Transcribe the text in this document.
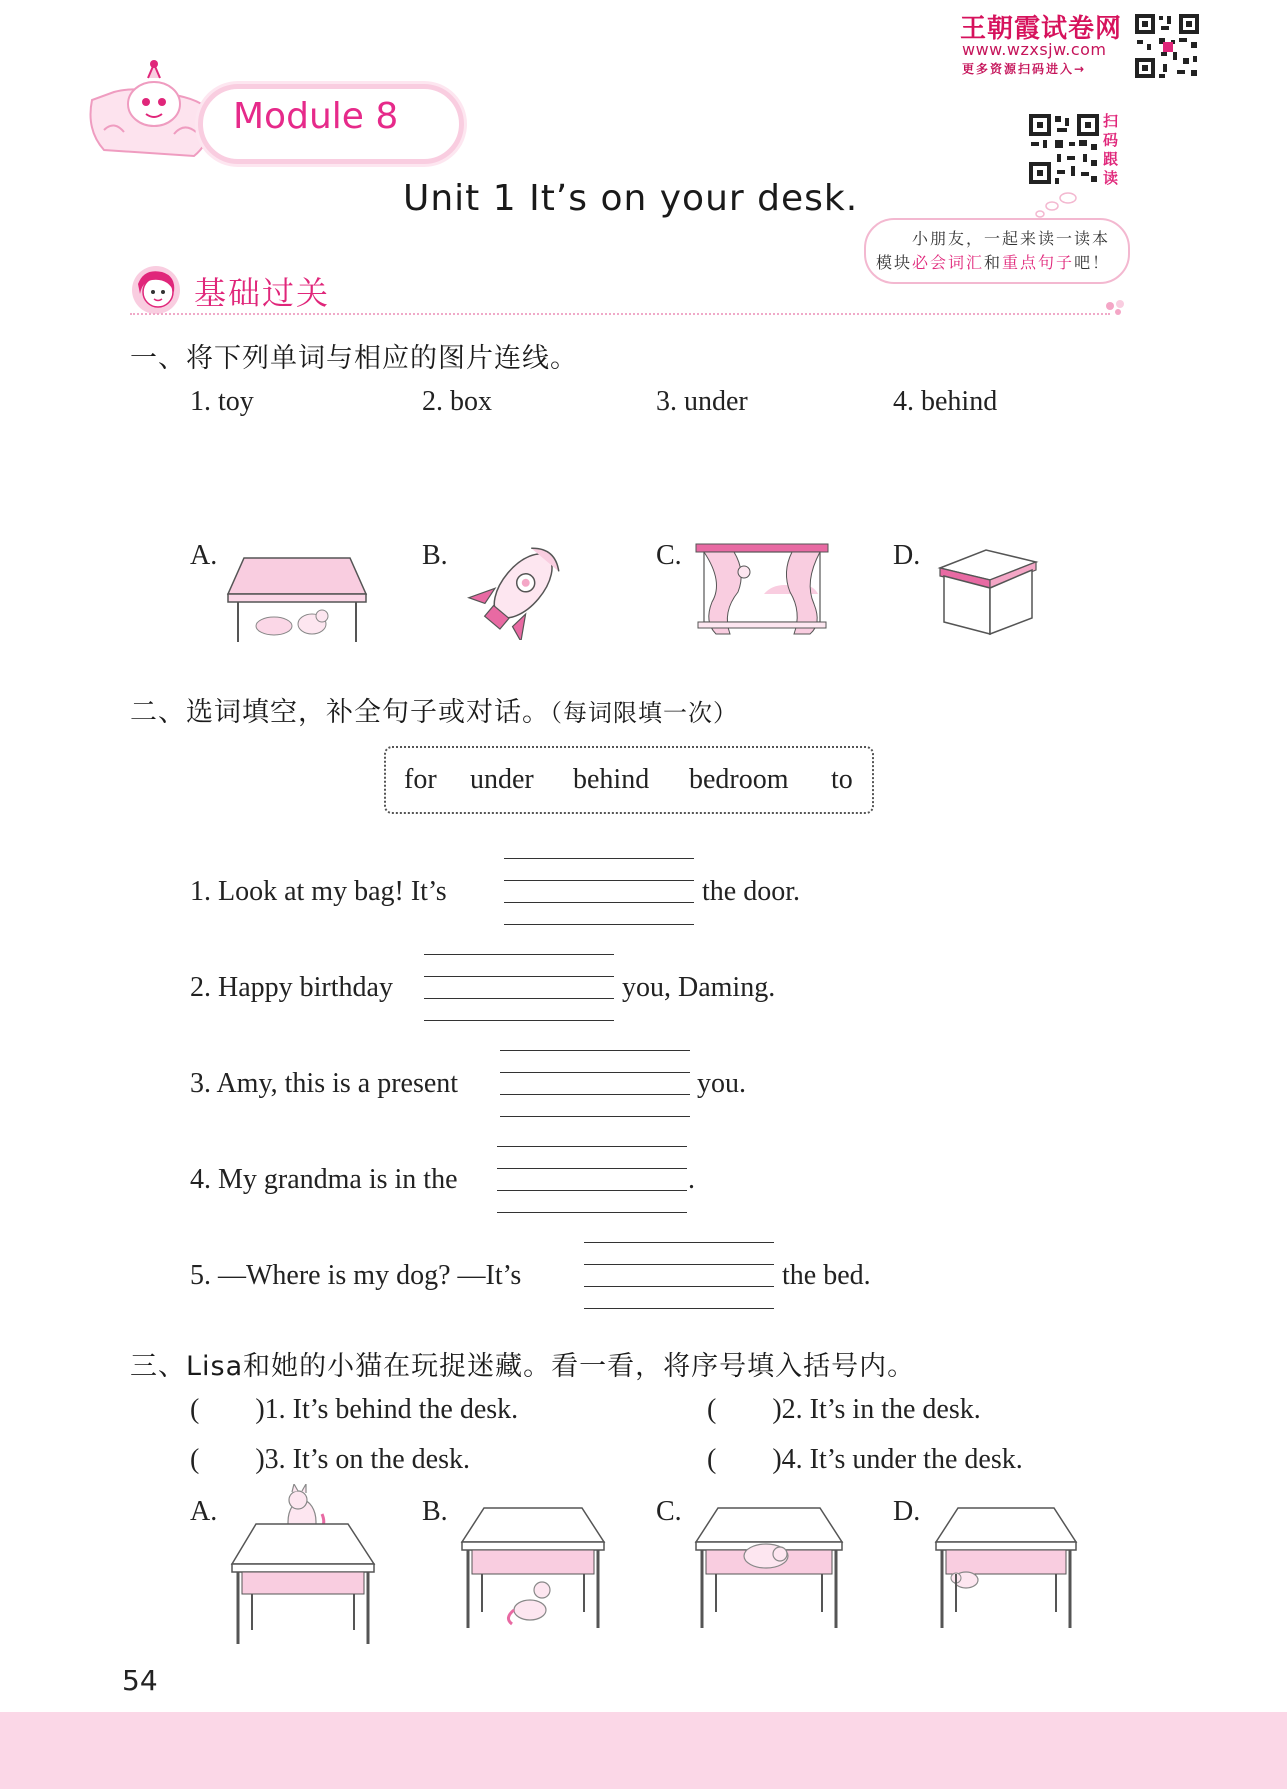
王朝霞试卷网
www.wzxsjw.com
更多资源扫码进入→
Module 8
Unit 1 It’s on your desk.
扫码跟读
小朋友，一起来读一读本
模块必会词汇和重点句子吧！
基础过关
一、将下列单词与相应的图片连线。
1. toy	2. box	3. under	4. behind
A.	B.	C.	D.
二、选词填空，补全句子或对话。（每词限填一次）
for under behind bedroom to
1. Look at my bag! It’s	the door.
2. Happy birthday	you, Daming.
3. Amy, this is a present	you.
4. My grandma is in the	.
5. —Where is my dog? —It’s	the bed.
三、Lisa和她的小猫在玩捉迷藏。看一看，将序号填入括号内。
(        )1. It’s behind the desk.	(        )2. It’s in the desk.
(        )3. It’s on the desk.	(        )4. It’s under the desk.
A.	B.	C.	D.
54
